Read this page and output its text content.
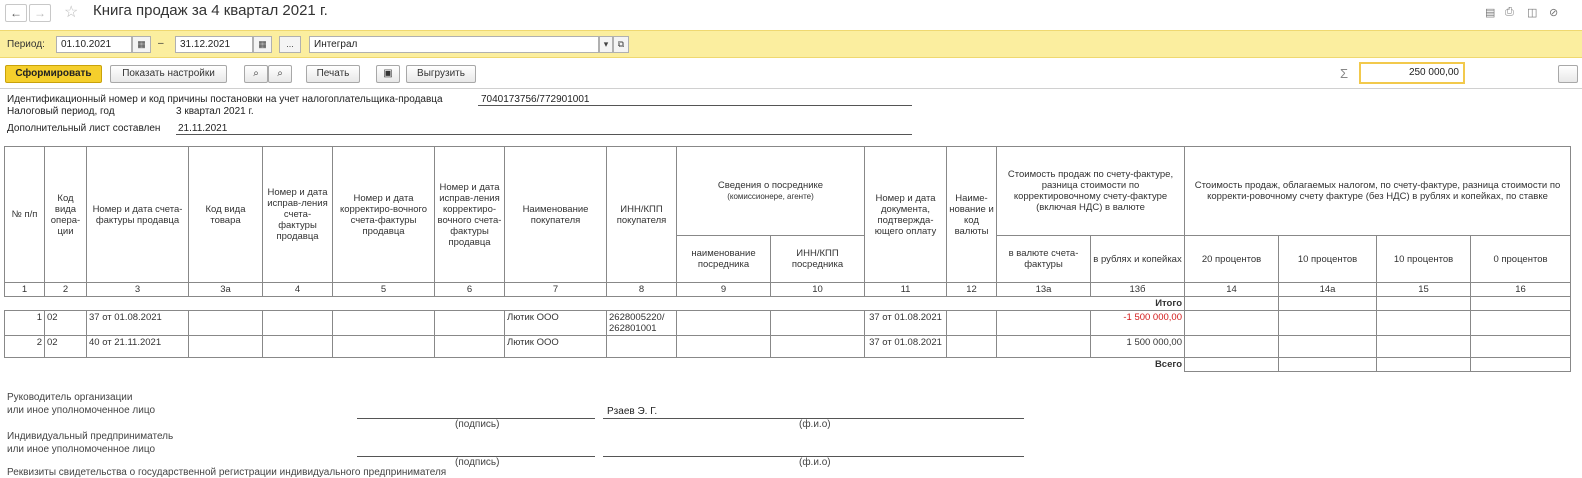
←	→	☆ Книга продаж за 4 квартал 2021 г.	▤ ⎙ ◫ ⊘
Период:	01.10.2021	▦	–	31.12.2021	▦	...	Интеграл	▾	⧉
Сформировать	Показать настройки	⌕	⌕	Печать	▣	Выгрузить	Σ	250 000,00
Идентификационный номер и код причины постановки на учет налогоплательщика-продавца	7040173756/772901001
Налоговый период, год	3 квартал 2021 г.
Дополнительный лист составлен 21.11.2021
№ п/п	Код вида опера-ции	Номер и дата счета-фактуры продавца	Код вида товара	Номер и дата исправ-ления счета-фактуры продавца	Номер и дата корректиро-вочного счета-фактуры продавца	Номер и дата исправ-ления корректиро-вочного счета-фактуры продавца	Наименование покупателя	ИНН/КПП покупателя	Сведения о посреднике
(комиссионере, агенте)		Номер и дата документа, подтвержда-ющего оплату	Наиме-нование и код валюты	Стоимость продаж по счету-фактуре, разница стоимости по корректировочному счету-фактуре (включая НДС) в валюте		Стоимость продаж, облагаемых налогом, по счету-фактуре, разница стоимости по корректи-ровочному счету фактуре (без НДС) в рублях и копейках, по ставке			
									наименование посредника	ИНН/КПП посредника			в валюте счета-фактуры	в рублях и копейках	20 процентов	10 процентов	10 процентов	0 процентов
1	2	3	3а	4	5	6	7	8	9	10	11	12	13а	13б	14	14а	15	16
Итого																		
1	02	37 от 01.08.2021					Лютик ООО	2628005220/ 262801001			37 от 01.08.2021			-1 500 000,00				
2	02	40 от 21.11.2021					Лютик ООО				37 от 01.08.2021			1 500 000,00				
Всего																		
Руководитель организации
или иное уполномоченное лицо	Рзаев Э. Г.
(подпись)	(ф.и.о)
Индивидуальный предприниматель
или иное уполномоченное лицо
(подпись)	(ф.и.о)
Реквизиты свидетельства о государственной регистрации индивидуального предпринимателя
